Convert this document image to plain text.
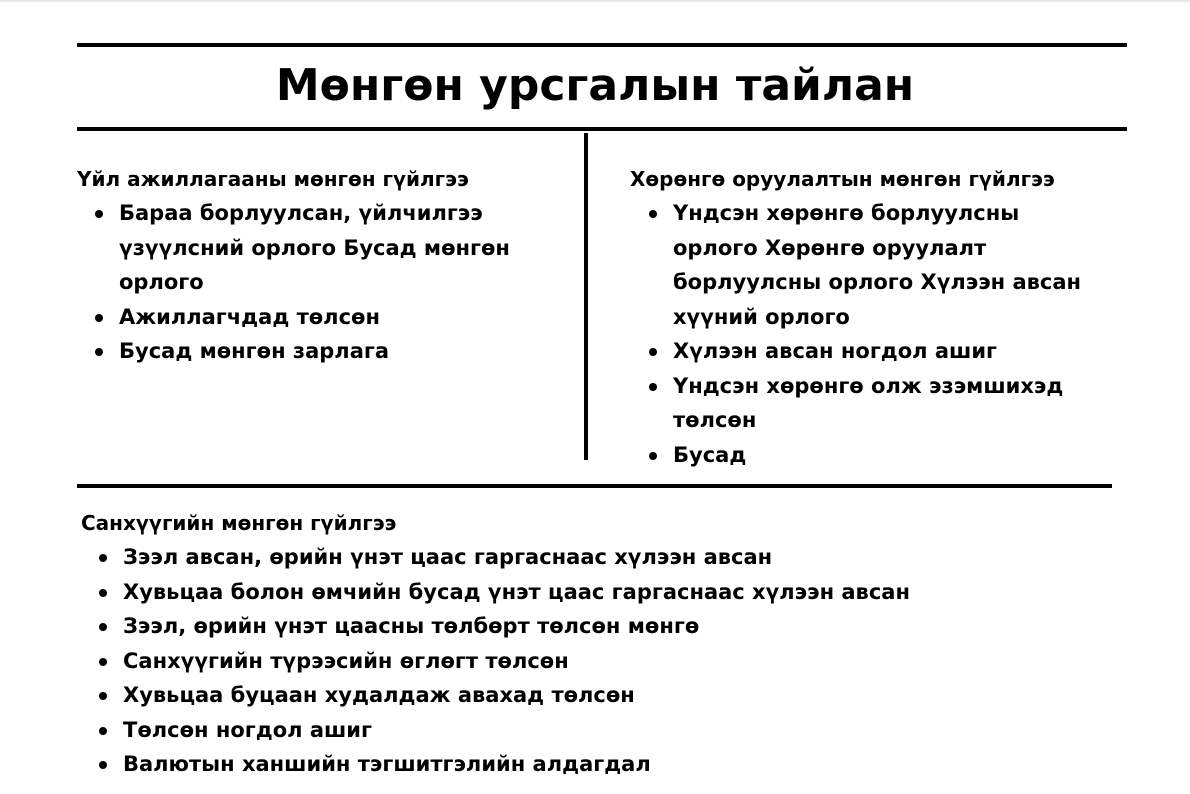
Мөнгөн урсгалын тайлан
Үйл ажиллагааны мөнгөн гүйлгээ
Бараа борлуулсан, үйлчилгээ үзүүлсний орлого Бусад мөнгөн орлого
Ажиллагчдад төлсөн
Бусад мөнгөн зарлага
Хөрөнгө оруулалтын мөнгөн гүйлгээ
Үндсэн хөрөнгө борлуулсны орлого Хөрөнгө оруулалт борлуулсны орлого Хүлээн авсан хүүний орлого
Хүлээн авсан ногдол ашиг
Үндсэн хөрөнгө олж эзэмшихэд төлсөн
Бусад
Санхүүгийн мөнгөн гүйлгээ
Зээл авсан, өрийн үнэт цаас гаргаснаас хүлээн авсан
Хувьцаа болон өмчийн бусад үнэт цаас гаргаснаас хүлээн авсан
Зээл, өрийн үнэт цаасны төлбөрт төлсөн мөнгө
Санхүүгийн түрээсийн өглөгт төлсөн
Хувьцаа буцаан худалдаж авахад төлсөн
Төлсөн ногдол ашиг
Валютын ханшийн тэгшитгэлийн алдагдал
